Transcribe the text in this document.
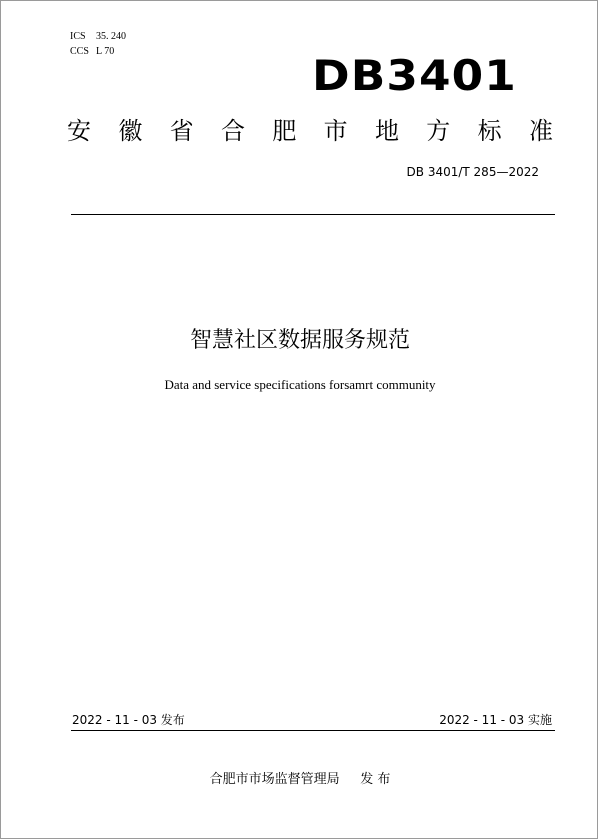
ICS 35. 240
CCS L 70	DB3401
安 徽 省 合 肥 市 地 方 标 准
DB 3401/T 285—2022
智慧社区数据服务规范
Data and service specifications forsamrt community
2022 - 11 - 03 发布	2022 - 11 - 03 实施
合肥市市场监督管理局 发 布
